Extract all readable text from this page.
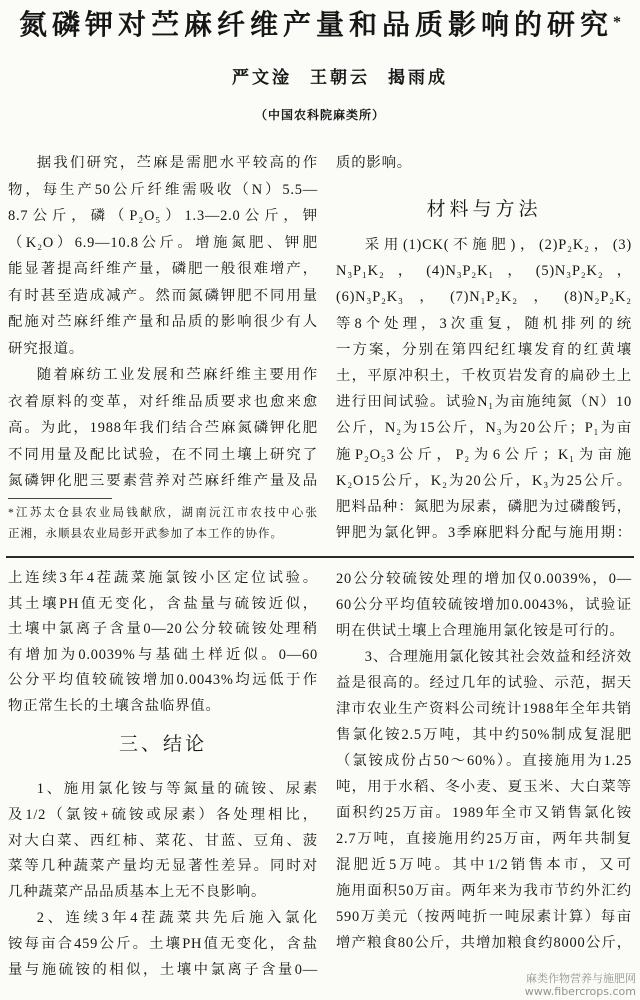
氮磷钾对苎麻纤维产量和品质影响的研究*
严文淦 王朝云 揭雨成
（中国农科院麻类所）
据我们研究，苎麻是需肥水平较高的作
物，每生产50公斤纤维需吸收（N）5.5—
8.7公斤，磷（P₂O₅）1.3—2.0公斤，钾
（K₂O）6.9—10.8公斤。增施氮肥、钾肥
能显著提高纤维产量，磷肥一般很难增产，
有时甚至造成减产。然而氮磷钾肥不同用量
配施对苎麻纤维产量和品质的影响很少有人
研究报道。
随着麻纺工业发展和苎麻纤维主要用作
衣着原料的变革，对纤维品质要求也愈来愈
高。为此，1988年我们结合苎麻氮磷钾化肥
不同用量及配比试验，在不同土壤上研究了
氮磷钾化肥三要素营养对苎麻纤维产量及品
*江苏太仓县农业局钱献欣，湖南沅江市农技中心张
正湘，永顺县农业局彭开武参加了本工作的协作。
质的影响。
材料与方法
采用(1)CK(不施肥)，(2)P₂K₂，(3)
N₃P₁K₂，(4)N₃P₂K₁，(5)N₃P₂K₂，
(6)N₃P₂K₃，(7)N₁P₂K₂，(8)N₂P₂K₂
等8个处理，3次重复，随机排列的统
一方案，分别在第四纪红壤发育的红黄壤
土，平原冲积土，千枚页岩发育的扁砂土上
进行田间试验。试验N₁为亩施纯氮（N）10
公斤，N₂为15公斤，N₃为20公斤；P₁为亩
施P₂O₅3公斤，P₂为6公斤；K₁为亩施
K₂O15公斤，K₂为20公斤，K₃为25公斤。
肥料品种：氮肥为尿素，磷肥为过磷酸钙，
钾肥为氯化钾。3季麻肥料分配与施用期：
上连续3年4茬蔬菜施氯铵小区定位试验。
其土壤PH值无变化，含盐量与硫铵近似，
土壤中氯离子含量0—20公分较硫铵处理稍
有增加为0.0039%与基础土样近似。0—60
公分平均值较硫铵增加0.0043%均远低于作
物正常生长的土壤含盐临界值。
三、结论
1、施用氯化铵与等氮量的硫铵、尿素
及1/2（氯铵+硫铵或尿素）各处理相比，
对大白菜、西红柿、菜花、甘蓝、豆角、菠
菜等几种蔬菜产量均无显著性差异。同时对
几种蔬菜产品品质基本上无不良影响。
2、连续3年4茬蔬菜共先后施入氯化
铵每亩合459公斤。土壤PH值无变化，含盐
量与施硫铵的相似，土壤中氯离子含量0—
20公分较硫铵处理的增加仅0.0039%，0—
60公分平均值较硫铵增加0.0043%，试验证
明在供试土壤上合理施用氯化铵是可行的。
3、合理施用氯化铵其社会效益和经济效
益是很高的。经过几年的试验、示范，据天
津市农业生产资料公司统计1988年全年共销
售氯化铵2.5万吨，其中约50%制成复混肥
（氯铵成份占50～60%）。直接施用为1.25
吨，用于水稻、冬小麦、夏玉米、大白菜等
面积约25万亩。1989年全市又销售氯化铵
2.7万吨，直接施用约25万亩，两年共制复
混肥近5万吨。其中1/2销售本市，又可
施用面积50万亩。两年来为我市节约外汇约
590万美元（按两吨折一吨尿素计算）每亩
增产粮食80公斤，共增加粮食约8000公斤，
麻类作物营养与施肥网
www.fibercrops.com
